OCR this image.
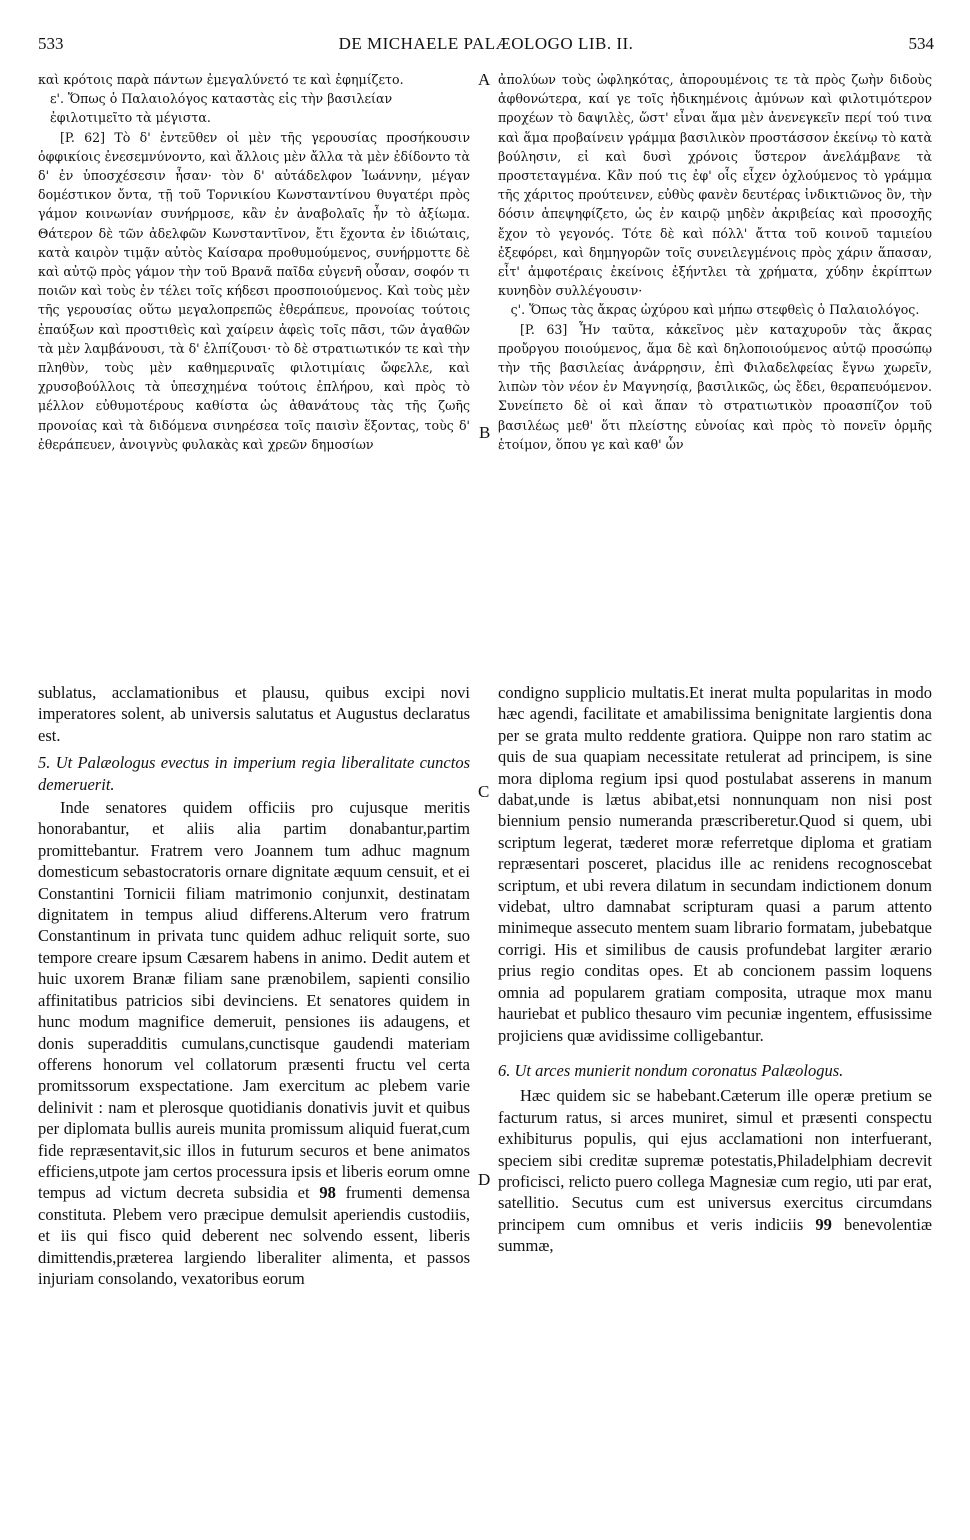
533	DE MICHAELE PALÆOLOGO LIB. II.	534

καὶ κρότοις παρὰ πάντων ἐμεγαλύνετό τε καὶ ἐφημίζετο.

ε'. Ὅπως ὁ Παλαιολόγος καταστὰς εἰς τὴν βασιλείαν ἐφιλοτιμεῖτο τὰ μέγιστα.

[P. 62] Τὸ δ' ἐντεῦθεν οἱ μὲν τῆς γερουσίας προσήκουσιν ὀφφικίοις ἐνεσεμνύνοντο, καὶ ἄλλοις μὲν ἄλλα τὰ μὲν ἐδίδοντο τὰ δ' ἐν ὑποσχέσεσιν ἦσαν· τὸν δ' αὐτάδελφον Ἰωάννην, μέγαν δομέστικον ὄντα, τῇ τοῦ Τορνικίου Κωνσταντίνου θυγατέρι πρὸς γάμον κοινωνίαν συνήρμοσε, κἂν ἐν ἀναβολαῖς ἦν τὸ ἀξίωμα. Θάτερον δὲ τῶν ἀδελφῶν Κωνσταντῖνον, ἔτι ἔχοντα ἐν ἰδιώταις, κατὰ καιρὸν τιμᾷν αὐτὸς Καίσαρα προθυμούμενος, συνήρμοττε δὲ καὶ αὐτῷ πρὸς γάμον τὴν τοῦ Βρανᾶ παῖδα εὐγενῆ οὖσαν, σοφόν τι ποιῶν καὶ τοὺς ἐν τέλει τοῖς κήδεσι προσποιούμενος. Καὶ τοὺς μὲν τῆς γερουσίας οὕτω μεγαλοπρεπῶς ἐθεράπευε, προνοίας τούτοις ἐπαύξων καὶ προστιθεὶς καὶ χαίρειν ἀφεὶς τοῖς πᾶσι, τῶν ἀγαθῶν τὰ μὲν λαμβάνουσι, τὰ δ' ἐλπίζουσι· τὸ δὲ στρατιωτικόν τε καὶ τὴν πληθὺν, τοὺς μὲν καθημεριναῖς φιλοτιμίαις ὤφελλε, καὶ χρυσοβούλλοις τὰ ὑπεσχημένα τούτοις ἐπλήρου, καὶ πρὸς τὸ μέλλον εὐθυμοτέρους καθίστα ὡς ἀθανάτους τὰς τῆς ζωῆς προνοίας καὶ τὰ διδόμενα σινηρέσεα τοῖς παισὶν ἕξοντας, τοὺς δ' ἐθεράπευεν, ἀνοιγνὺς φυλακὰς καὶ χρεῶν δημοσίων

ἀπολύων τοὺς ὠφληκότας, ἀπορουμένοις τε τὰ πρὸς ζωὴν διδοὺς ἀφθονώτερα, καί γε τοῖς ἠδικημένοις ἀμύνων καὶ φιλοτιμότερον προχέων τὸ δαψιλὲς, ὥστ' εἶναι ἅμα μὲν ἀνενεγκεῖν περί τού τινα καὶ ἅμα προβαίνειν γράμμα βασιλικὸν προστάσσον ἐκείνῳ τὸ κατὰ βούλησιν, εἰ καὶ δυσὶ χρόνοις ὕστερον ἀνελάμβανε τὰ προστεταγμένα. Κἂν πού τις ἐφ' οἷς εἶχεν ὀχλούμενος τὸ γράμμα τῆς χάριτος προύτεινεν, εὐθὺς φανὲν δευτέρας ἰνδικτιῶνος ὂν, τὴν δόσιν ἀπεψηφίζετο, ὡς ἐν καιρῷ μηδὲν ἀκριβείας καὶ προσοχῆς ἔχον τὸ γεγονός. Τότε δὲ καὶ πόλλ' ἄττα τοῦ κοινοῦ ταμιείου ἐξεφόρει, καὶ δημηγορῶν τοῖς συνειλεγμένοις πρὸς χάριν ἅπασαν, εἶτ' ἀμφοτέραις ἐκείνοις ἐξήντλει τὰ χρήματα, χύδην ἐκρίπτων κυνηδὸν συλλέγουσιν·

ς'. Ὅπως τὰς ἄκρας ὠχύρου καὶ μήπω στεφθεὶς ὁ Παλαιολόγος.

[P. 63] Ἦν ταῦτα, κἀκεῖνος μὲν καταχυροῦν τὰς ἄκρας προὔργου ποιούμενος, ἅμα δὲ καὶ δηλοποιούμενος αὐτῷ προσώπῳ τὴν τῆς βασιλείας ἀνάρρησιν, ἐπὶ Φιλαδελφείας ἔγνω χωρεῖν, λιπὼν τὸν νέον ἐν Μαγνησίᾳ, βασιλικῶς, ὡς ἔδει, θεραπευόμενον. Συνείπετο δὲ οἱ καὶ ἅπαν τὸ στρατιωτικὸν προασπίζον τοῦ βασιλέως μεθ' ὅτι πλείστης εὐνοίας καὶ πρὸς τὸ πονεῖν ὁρμῆς ἑτοίμον, ὅπου γε καὶ καθ' ὧν

sublatus, acclamationibus et plausu, quibus excipi novi imperatores solent, ab universis salutatus et Augustus declaratus est.

5. Ut Palæologus evectus in imperium regia liberalitate cunctos demeruerit.

Inde senatores quidem officiis pro cujusque meritis honorabantur, et aliis alia partim donabantur,partim promittebantur. Fratrem vero Joannem tum adhuc magnum domesticum sebastocratoris ornare dignitate æquum censuit, et ei Constantini Tornicii filiam matrimonio conjunxit, destinatam dignitatem in tempus aliud differens.Alterum vero fratrum Constantinum in privata tunc quidem adhuc reliquit sorte, suo tempore creare ipsum Cæsarem habens in animo. Dedit autem et huic uxorem Branæ filiam sane prænobilem, sapienti consilio affinitatibus patricios sibi devinciens. Et senatores quidem in hunc modum magnifice demeruit, pensiones iis adaugens, et donis superadditis cumulans,cunctisque gaudendi materiam offerens honorum vel collatorum præsenti fructu vel certa promitssorum exspectatione. Jam exercitum ac plebem varie delinivit : nam et plerosque quotidianis donativis juvit et quibus per diplomata bullis aureis munita promissum aliquid fuerat,cum fide repræsentavit,sic illos in futurum securos et bene animatos efficiens,utpote jam certos processura ipsis et liberis eorum omne tempus ad victum decreta subsidia et 98 frumenti demensa constituta. Plebem vero præcipue demulsit aperiendis custodiis, et iis qui fisco quid deberent nec solvendo essent, liberis dimittendis,præterea largiendo liberaliter alimenta, et passos injuriam consolando, vexatoribus eorum

condigno supplicio multatis.Et inerat multa popularitas in modo hæc agendi, facilitate et amabilissima benignitate largientis dona per se grata multo reddente gratiora. Quippe non raro statim ac quis de sua quapiam necessitate retulerat ad principem, is sine mora diploma regium ipsi quod postulabat asserens in manum dabat,unde is lætus abibat,etsi nonnunquam non nisi post biennium pensio numeranda præscriberetur.Quod si quem, ubi scriptum legerat, tæderet moræ referretque diploma et gratiam repræsentari posceret, placidus ille ac renidens recognoscebat scriptum, et ubi revera dilatum in secundam indictionem donum videbat, ultro damnabat scripturam quasi a parum attento minimeque assecuto mentem suam librario formatam, jubebatque corrigi. His et similibus de causis profundebat largiter ærario prius regio conditas opes. Et ab concionem passim loquens omnia ad popularem gratiam composita, utraque mox manu hauriebat et publico thesauro vim pecuniæ ingentem, effusissime projiciens quæ avidissime colligebantur.

6. Ut arces munierit nondum coronatus Palæologus.

Hæc quidem sic se habebant.Cæterum ille operæ pretium se facturum ratus, si arces muniret, simul et præsenti conspectu exhibiturus populis, qui ejus acclamationi non interfuerant, speciem sibi creditæ supremæ potestatis,Philadelphiam decrevit proficisci, relicto puero collega Magnesiæ cum regio, uti par erat, satellitio. Secutus cum est universus exercitus circumdans principem cum omnibus et veris indiciis 99 benevolentiæ summæ,

A
B
C
D
